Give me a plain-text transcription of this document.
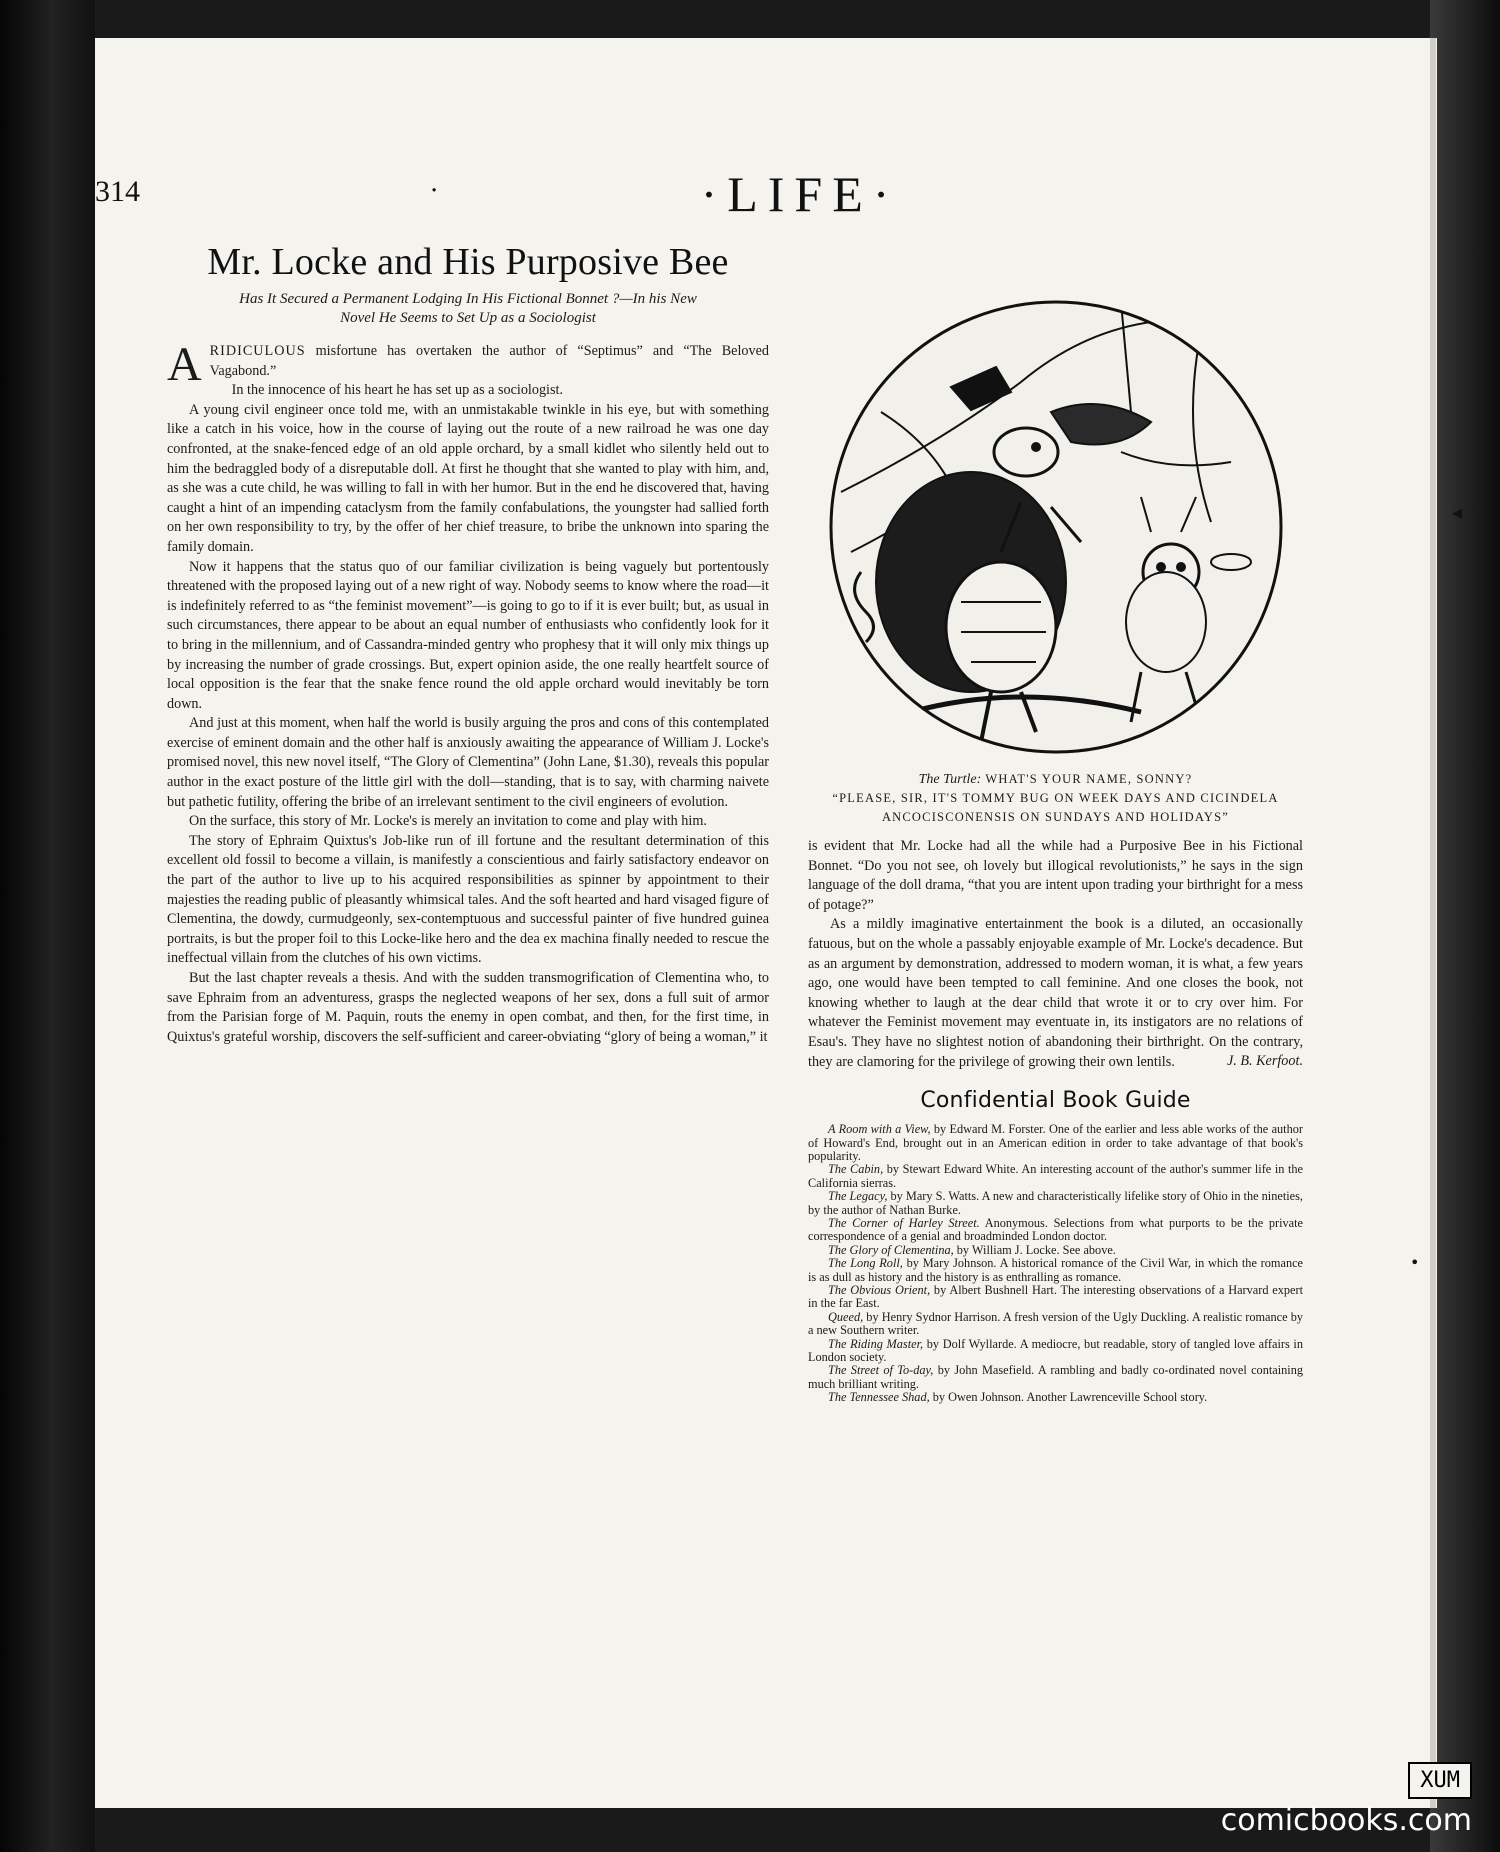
314	·	·LIFE·
Mr. Locke and His Purposive Bee
Has It Secured a Permanent Lodging In His Fictional Bonnet ?—In his New Novel He Seems to Set Up as a Sociologist

ARIDICULOUS misfortune has overtaken the author of “Septimus” and “The Beloved Vagabond.”

In the innocence of his heart he has set up as a sociologist.

A young civil engineer once told me, with an unmistakable twinkle in his eye, but with something like a catch in his voice, how in the course of laying out the route of a new railroad he was one day confronted, at the snake-fenced edge of an old apple orchard, by a small kidlet who silently held out to him the bedraggled body of a disreputable doll. At first he thought that she wanted to play with him, and, as she was a cute child, he was willing to fall in with her humor. But in the end he discovered that, having caught a hint of an impending cataclysm from the family confabulations, the youngster had sallied forth on her own responsibility to try, by the offer of her chief treasure, to bribe the unknown into sparing the family domain.

Now it happens that the status quo of our familiar civilization is being vaguely but portentously threatened with the proposed laying out of a new right of way. Nobody seems to know where the road—it is indefinitely referred to as “the feminist movement”—is going to go to if it is ever built; but, as usual in such circumstances, there appear to be about an equal number of enthusiasts who confidently look for it to bring in the millennium, and of Cassandra-minded gentry who prophesy that it will only mix things up by increasing the number of grade crossings. But, expert opinion aside, the one really heartfelt source of local opposition is the fear that the snake fence round the old apple orchard would inevitably be torn down.

And just at this moment, when half the world is busily arguing the pros and cons of this contemplated exercise of eminent domain and the other half is anxiously awaiting the appearance of William J. Locke's promised novel, this new novel itself, “The Glory of Clementina” (John Lane, $1.30), reveals this popular author in the exact posture of the little girl with the doll—standing, that is to say, with charming naivete but pathetic futility, offering the bribe of an irrelevant sentiment to the civil engineers of evolution.

On the surface, this story of Mr. Locke's is merely an invitation to come and play with him.

The story of Ephraim Quixtus's Job-like run of ill fortune and the resultant determination of this excellent old fossil to become a villain, is manifestly a conscientious and fairly satisfactory endeavor on the part of the author to live up to his acquired responsibilities as spinner by appointment to their majesties the reading public of pleasantly whimsical tales. And the soft hearted and hard visaged figure of Clementina, the dowdy, curmudgeonly, sex-contemptuous and successful painter of five hundred guinea portraits, is but the proper foil to this Locke-like hero and the dea ex machina finally needed to rescue the ineffectual villain from the clutches of his own victims.

But the last chapter reveals a thesis. And with the sudden transmogrification of Clementina who, to save Ephraim from an adventuress, grasps the neglected weapons of her sex, dons a full suit of armor from the Parisian forge of M. Paquin, routs the enemy in open combat, and then, for the first time, in Quixtus's grateful worship, discovers the self-sufficient and career-obviating “glory of being a woman,” it

The Turtle: WHAT'S YOUR NAME, SONNY?
“PLEASE, SIR, IT'S TOMMY BUG ON WEEK DAYS AND CICINDELA ANCOCISCONENSIS ON SUNDAYS AND HOLIDAYS”

is evident that Mr. Locke had all the while had a Purposive Bee in his Fictional Bonnet. “Do you not see, oh lovely but illogical revolutionists,” he says in the sign language of the doll drama, “that you are intent upon trading your birthright for a mess of potage?”

As a mildly imaginative entertainment the book is a diluted, an occasionally fatuous, but on the whole a passably enjoyable example of Mr. Locke's decadence. But as an argument by demonstration, addressed to modern woman, it is what, a few years ago, one would have been tempted to call feminine. And one closes the book, not knowing whether to laugh at the dear child that wrote it or to cry over him. For whatever the Feminist movement may eventuate in, its instigators are no relations of Esau's. They have no slightest notion of abandoning their birthright. On the contrary, they are clamoring for the privilege of growing their own lentils.	J. B. Kerfoot.
Confidential Book Guide

A Room with a View, by Edward M. Forster. One of the earlier and less able works of the author of Howard's End, brought out in an American edition in order to take advantage of that book's popularity.

The Cabin, by Stewart Edward White. An interesting account of the author's summer life in the California sierras.

The Legacy, by Mary S. Watts. A new and characteristically lifelike story of Ohio in the nineties, by the author of Nathan Burke.

The Corner of Harley Street. Anonymous. Selections from what purports to be the private correspondence of a genial and broadminded London doctor.

The Glory of Clementina, by William J. Locke. See above.

The Long Roll, by Mary Johnson. A historical romance of the Civil War, in which the romance is as dull as history and the history is as enthralling as romance.

The Obvious Orient, by Albert Bushnell Hart. The interesting observations of a Harvard expert in the far East.

Queed, by Henry Sydnor Harrison. A fresh version of the Ugly Duckling. A realistic romance by a new Southern writer.

The Riding Master, by Dolf Wyllarde. A mediocre, but readable, story of tangled love affairs in London society.

The Street of To-day, by John Masefield. A rambling and badly co-ordinated novel containing much brilliant writing.

The Tennessee Shad, by Owen Johnson. Another Lawrenceville School story.

◂
•
XUM
comicbooks.com
